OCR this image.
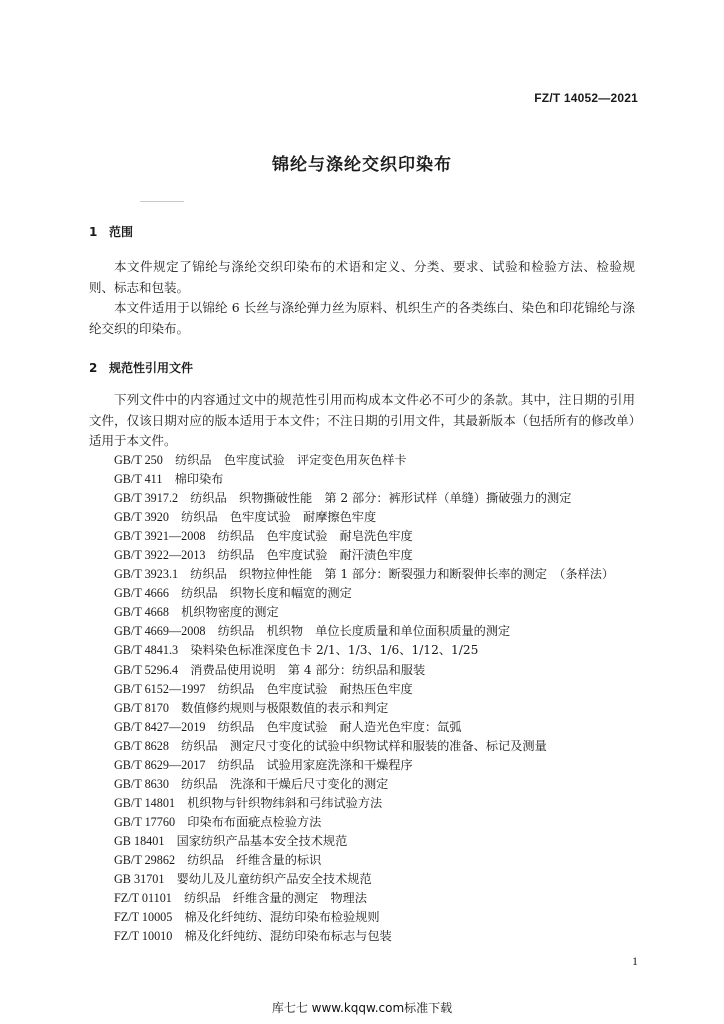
FZ/T 14052—2021
锦纶与涤纶交织印染布
1 范围

本文件规定了锦纶与涤纶交织印染布的术语和定义、分类、要求、试验和检验方法、检验规则、标志和包装。

本文件适用于以锦纶 6 长丝与涤纶弹力丝为原料、机织生产的各类练白、染色和印花锦纶与涤纶交织的印染布。

2 规范性引用文件

下列文件中的内容通过文中的规范性引用而构成本文件必不可少的条款。其中，注日期的引用文件，仅该日期对应的版本适用于本文件；不注日期的引用文件，其最新版本（包括所有的修改单）适用于本文件。

GB/T 250　 纺织品　色牢度试验　评定变色用灰色样卡
GB/T 411　 棉印染布
GB/T 3917.2　 纺织品　织物撕破性能　第 2 部分：裤形试样（单缝）撕破强力的测定
GB/T 3920　 纺织品　色牢度试验　耐摩擦色牢度
GB/T 3921—2008　 纺织品　色牢度试验　耐皂洗色牢度
GB/T 3922—2013　 纺织品　色牢度试验　耐汗渍色牢度
GB/T 3923.1　 纺织品　织物拉伸性能　第 1 部分：断裂强力和断裂伸长率的测定　（条样法）
GB/T 4666　 纺织品　织物长度和幅宽的测定
GB/T 4668　 机织物密度的测定
GB/T 4669—2008　 纺织品　机织物　单位长度质量和单位面积质量的测定
GB/T 4841.3　 染料染色标准深度色卡 2/1、1/3、1/6、1/12、1/25
GB/T 5296.4　 消费品使用说明　第 4 部分：纺织品和服装
GB/T 6152—1997　 纺织品　色牢度试验　耐热压色牢度
GB/T 8170　 数值修约规则与极限数值的表示和判定
GB/T 8427—2019　 纺织品　色牢度试验　耐人造光色牢度：氙弧
GB/T 8628　 纺织品　测定尺寸变化的试验中织物试样和服装的准备、标记及测量
GB/T 8629—2017　 纺织品　试验用家庭洗涤和干燥程序
GB/T 8630　 纺织品　洗涤和干燥后尺寸变化的测定
GB/T 14801　 机织物与针织物纬斜和弓纬试验方法
GB/T 17760　 印染布布面疵点检验方法
GB 18401　 国家纺织产品基本安全技术规范
GB/T 29862　 纺织品　纤维含量的标识
GB 31701　 婴幼儿及儿童纺织产品安全技术规范
FZ/T 01101　 纺织品　纤维含量的测定　物理法
FZ/T 10005　 棉及化纤纯纺、混纺印染布检验规则
FZ/T 10010　 棉及化纤纯纺、混纺印染布标志与包装
1
库七七 www.kqqw.com标准下载
